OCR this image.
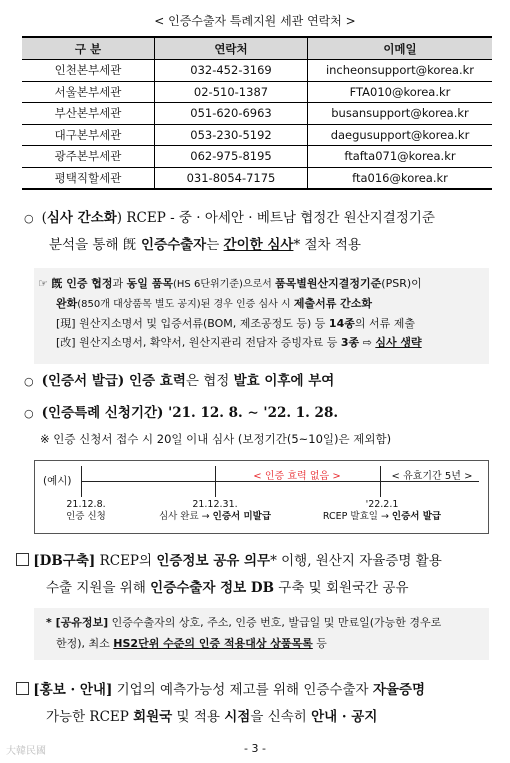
< 인증수출자 특례지원 세관 연락처 >
구 분	연락처	이메일
인천본부세관	032-452-3169	incheonsupport@korea.kr
서울본부세관	02-510-1387	FTA010@korea.kr
부산본부세관	051-620-6963	busansupport@korea.kr
대구본부세관	053-230-5192	daegusupport@korea.kr
광주본부세관	062-975-8195	ftafta071@korea.kr
평택직할세관	031-8054-7175	fta016@korea.kr
○ (심사 간소화) RCEP - 중 · 아세안 · 베트남 협정간 원산지결정기준
분석을 통해 旣 인증수출자는 간이한 심사* 절차 적용
☞ 旣 인증 협정과 동일 품목(HS 6단위기준)으로서 품목별원산지결정기준(PSR)이
완화(850개 대상품목 별도 공지)된 경우 인증 심사 시 제출서류 간소화
[現] 원산지소명서 및 입증서류(BOM, 제조공정도 등) 등 14종의 서류 제출
[改] 원산지소명서, 확약서, 원산지관리 전담자 증빙자료 등 3종 ⇨ 심사 생략
○ (인증서 발급) 인증 효력은 협정 발효 이후에 부여
○ (인증특례 신청기간) '21. 12. 8. ∼ '22. 1. 28.
※ 인증 신청서 접수 시 20일 이내 심사 (보정기간(5~10일)은 제외함)
(예시)	< 인증 효력 없음 >	< 유효기간 5년 >
21.12.8.
인증 신청
21.12.31.
심사 완료 → 인증서 미발급
'22.2.1
RCEP 발효일 → 인증서 발급
[DB구축] RCEP의 인증정보 공유 의무* 이행, 원산지 자율증명 활용
수출 지원을 위해 인증수출자 정보 DB 구축 및 회원국간 공유
* [공유정보] 인증수출자의 상호, 주소, 인증 번호, 발급일 및 만료일(가능한 경우로
한정), 최소 HS2단위 수준의 인증 적용대상 상품목록 등
[홍보 · 안내] 기업의 예측가능성 제고를 위해 인증수출자 자율증명
가능한 RCEP 회원국 및 적용 시점을 신속히 안내 · 공지
大韓民國	- 3 -
